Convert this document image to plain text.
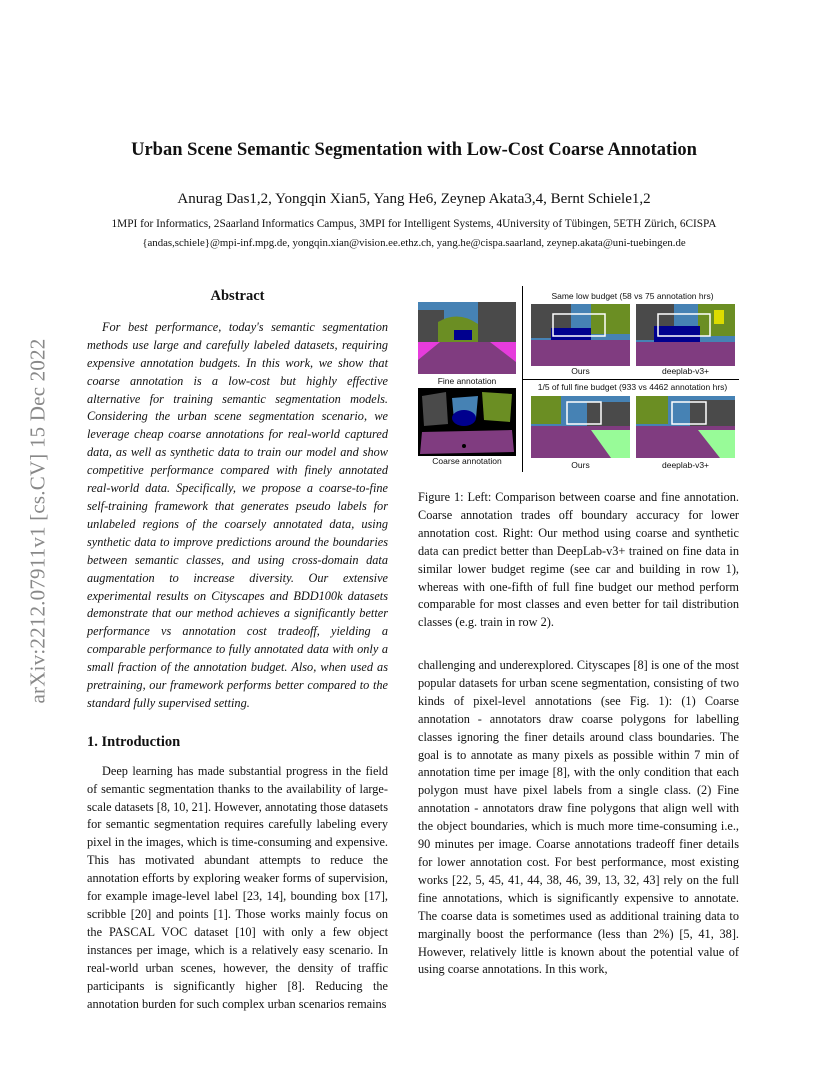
arXiv:2212.07911v1 [cs.CV] 15 Dec 2022
Urban Scene Semantic Segmentation with Low-Cost Coarse Annotation
Anurag Das1,2, Yongqin Xian5, Yang He6, Zeynep Akata3,4, Bernt Schiele1,2
1MPI for Informatics, 2Saarland Informatics Campus, 3MPI for Intelligent Systems, 4University of Tübingen, 5ETH Zürich, 6CISPA
{andas,schiele}@mpi-inf.mpg.de, yongqin.xian@vision.ee.ethz.ch, yang.he@cispa.saarland, zeynep.akata@uni-tuebingen.de
Abstract

For best performance, today's semantic segmentation methods use large and carefully labeled datasets, requiring expensive annotation budgets. In this work, we show that coarse annotation is a low-cost but highly effective alternative for training semantic segmentation models. Considering the urban scene segmentation scenario, we leverage cheap coarse annotations for real-world captured data, as well as synthetic data to train our model and show competitive performance compared with finely annotated real-world data. Specifically, we propose a coarse-to-fine self-training framework that generates pseudo labels for unlabeled regions of the coarsely annotated data, using synthetic data to improve predictions around the boundaries between semantic classes, and using cross-domain data augmentation to increase diversity. Our extensive experimental results on Cityscapes and BDD100k datasets demonstrate that our method achieves a significantly better performance vs annotation cost tradeoff, yielding a comparable performance to fully annotated data with only a small fraction of the annotation budget. Also, when used as pretraining, our framework performs better compared to the standard fully supervised setting.

1. Introduction

Deep learning has made substantial progress in the field of semantic segmentation thanks to the availability of large-scale datasets [8, 10, 21]. However, annotating those datasets for semantic segmentation requires carefully labeling every pixel in the images, which is time-consuming and expensive. This has motivated abundant attempts to reduce the annotation efforts by exploring weaker forms of supervision, for example image-level label [23, 14], bounding box [17], scribble [20] and points [1]. Those works mainly focus on the PASCAL VOC dataset [10] with only a few object instances per image, which is a relatively easy scenario. In real-world urban scenes, however, the density of traffic participants is significantly higher [8]. Reducing the annotation burden for such complex urban scenarios remains

Fine annotation
Coarse annotation
Same low budget (58 vs 75 annotation hrs)
Ours	deeplab-v3+
1/5 of full fine budget (933 vs 4462 annotation hrs)
Ours	deeplab-v3+

Figure 1: Left: Comparison between coarse and fine annotation. Coarse annotation trades off boundary accuracy for lower annotation cost. Right: Our method using coarse and synthetic data can predict better than DeepLab-v3+ trained on fine data in similar lower budget regime (see car and building in row 1), whereas with one-fifth of full fine budget our method perform comparable for most classes and even better for tail distribution classes (e.g. train in row 2).

challenging and underexplored. Cityscapes [8] is one of the most popular datasets for urban scene segmentation, consisting of two kinds of pixel-level annotations (see Fig. 1): (1) Coarse annotation - annotators draw coarse polygons for labelling classes ignoring the finer details around class boundaries. The goal is to annotate as many pixels as possible within 7 min of annotation time per image [8], with the only condition that each polygon must have pixel labels from a single class. (2) Fine annotation - annotators draw fine polygons that align well with the object boundaries, which is much more time-consuming i.e., 90 minutes per image. Coarse annotations tradeoff finer details for lower annotation cost. For best performance, most existing works [22, 5, 45, 41, 44, 38, 46, 39, 13, 32, 43] rely on the full fine annotations, which is significantly expensive to annotate. The coarse data is sometimes used as additional training data to marginally boost the performance (less than 2%) [5, 41, 38]. However, relatively little is known about the potential value of using coarse annotations. In this work,
